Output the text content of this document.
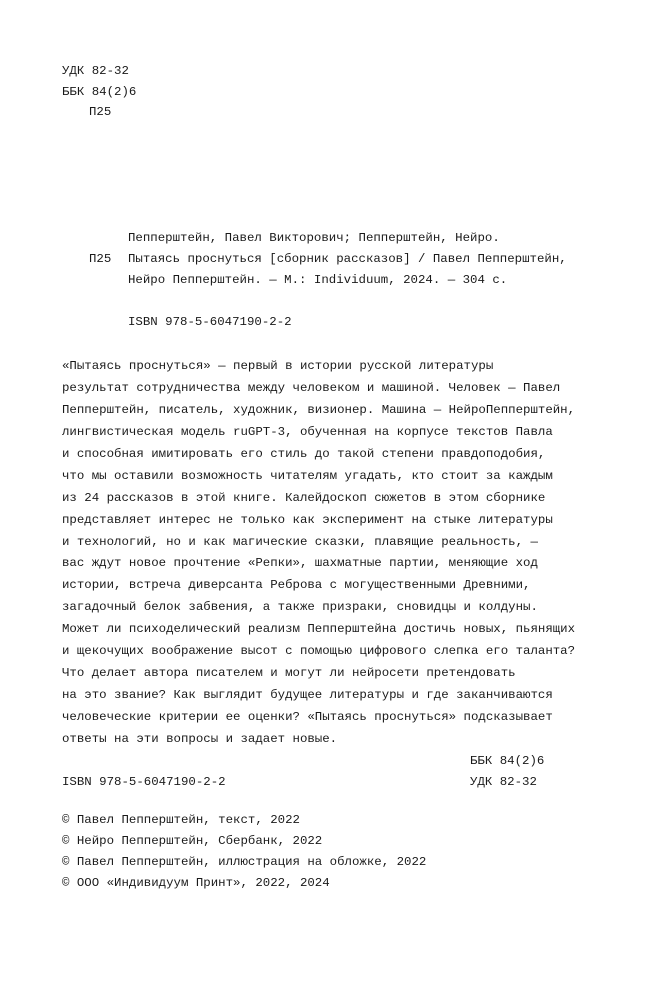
УДК 82-32
ББК 84(2)6
П25
Пепперштейн, Павел Викторович; Пепперштейн, Нейро.
П25 Пытаясь проснуться [сборник рассказов] / Павел Пепперштейн,
Нейро Пепперштейн. — М.: Individuum, 2024. — 304 с.
ISBN 978-5-6047190-2-2
«Пытаясь проснуться» — первый в истории русской литературы
результат сотрудничества между человеком и машиной. Человек — Павел
Пепперштейн, писатель, художник, визионер. Машина — НейроПепперштейн,
лингвистическая модель ruGPT-3, обученная на корпусе текстов Павла
и способная имитировать его стиль до такой степени правдоподобия,
что мы оставили возможность читателям угадать, кто стоит за каждым
из 24 рассказов в этой книге. Калейдоскоп сюжетов в этом сборнике
представляет интерес не только как эксперимент на стыке литературы
и технологий, но и как магические сказки, плавящие реальность, —
вас ждут новое прочтение «Репки», шахматные партии, меняющие ход
истории, встреча диверсанта Реброва с могущественными Древними,
загадочный белок забвения, а также призраки, сновидцы и колдуны.
Может ли психоделический реализм Пепперштейна достичь новых, пьянящих
и щекочущих воображение высот с помощью цифрового слепка его таланта?
Что делает автора писателем и могут ли нейросети претендовать
на это звание? Как выглядит будущее литературы и где заканчиваются
человеческие критерии ее оценки? «Пытаясь проснуться» подсказывает
ответы на эти вопросы и задает новые.
ББК 84(2)6
ISBN 978-5-6047190-2-2	УДК 82-32
© Павел Пепперштейн, текст, 2022
© Нейро Пепперштейн, Сбербанк, 2022
© Павел Пепперштейн, иллюстрация на обложке, 2022
© ООО «Индивидуум Принт», 2022, 2024
